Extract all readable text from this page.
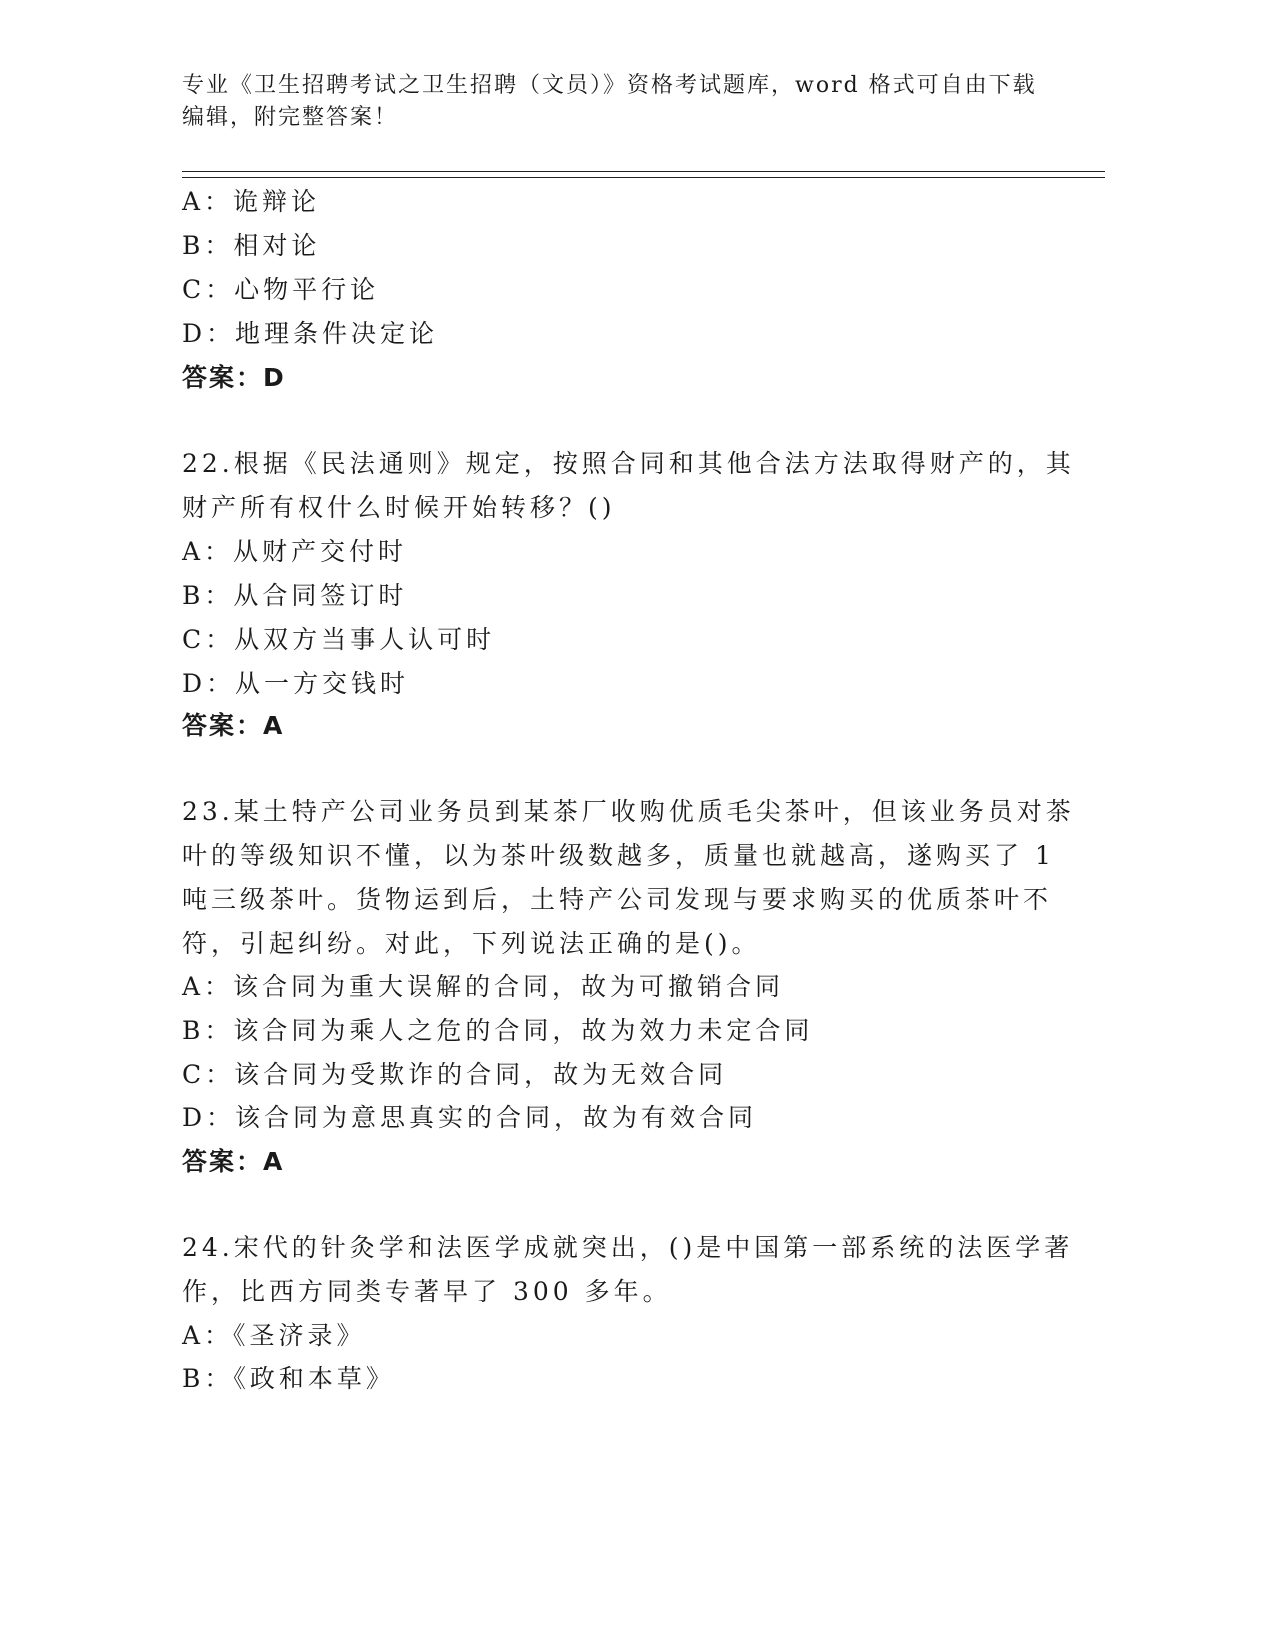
专业《卫生招聘考试之卫生招聘（文员）》资格考试题库，word 格式可自由下载
编辑，附完整答案！
A：诡辩论
B：相对论
C：心物平行论
D：地理条件决定论
答案：D
22.根据《民法通则》规定，按照合同和其他合法方法取得财产的，其
财产所有权什么时候开始转移？()
A：从财产交付时
B：从合同签订时
C：从双方当事人认可时
D：从一方交钱时
答案：A
23.某土特产公司业务员到某茶厂收购优质毛尖茶叶，但该业务员对茶
叶的等级知识不懂，以为茶叶级数越多，质量也就越高，遂购买了 1
吨三级茶叶。货物运到后，土特产公司发现与要求购买的优质茶叶不
符，引起纠纷。对此，下列说法正确的是()。
A：该合同为重大误解的合同，故为可撤销合同
B：该合同为乘人之危的合同，故为效力未定合同
C：该合同为受欺诈的合同，故为无效合同
D：该合同为意思真实的合同，故为有效合同
答案：A
24.宋代的针灸学和法医学成就突出，()是中国第一部系统的法医学著
作，比西方同类专著早了 300 多年。
A：《圣济录》
B：《政和本草》
